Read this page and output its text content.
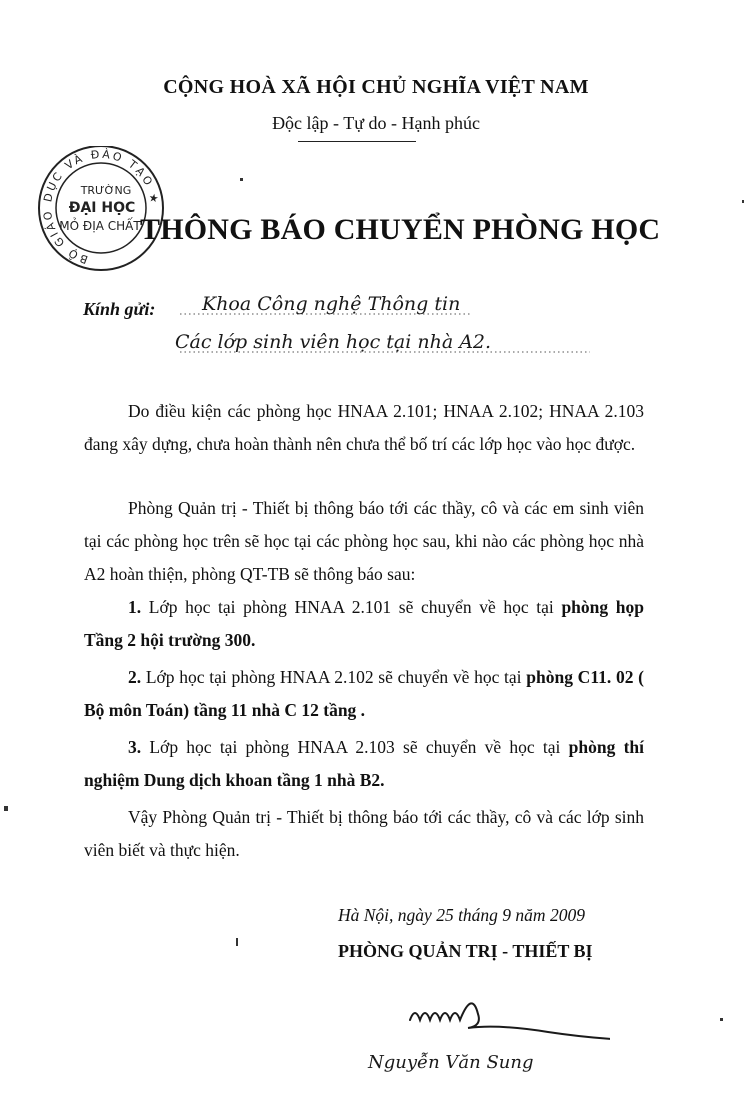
CỘNG HOÀ XÃ HỘI CHỦ NGHĨA VIỆT NAM
Độc lập - Tự do - Hạnh phúc
BỘ GIÁO DỤC VÀ ĐÀO TẠO ★
TRƯỜNG
ĐẠI HỌC
MỎ ĐỊA CHẤT THÔNG BÁO CHUYỂN PHÒNG HỌC
Kính gửi: Khoa Công nghệ Thông tin
Các lớp sinh viên học tại nhà A2.

Do điều kiện các phòng học HNAA 2.101; HNAA 2.102; HNAA 2.103 đang xây dựng, chưa hoàn thành nên chưa thể bố trí các lớp học vào học được.

Phòng Quản trị - Thiết bị thông báo tới các thầy, cô và các em sinh viên tại các phòng học trên sẽ học tại các phòng học sau, khi nào các phòng học nhà A2 hoàn thiện, phòng QT-TB sẽ thông báo sau:

1. Lớp học tại phòng HNAA 2.101 sẽ chuyển về học tại phòng họp Tầng 2 hội trường 300.

2. Lớp học tại phòng HNAA 2.102 sẽ chuyển về học tại phòng C11. 02 ( Bộ môn Toán) tầng 11 nhà C 12 tầng .

3. Lớp học tại phòng HNAA 2.103 sẽ chuyển về học tại phòng thí nghiệm Dung dịch khoan tầng 1 nhà B2.

Vậy Phòng Quản trị - Thiết bị thông báo tới các thầy, cô và các lớp sinh viên biết và thực hiện.

Hà Nội, ngày 25 tháng 9 năm 2009
PHÒNG QUẢN TRỊ - THIẾT BỊ
Nguyễn Văn Sung
